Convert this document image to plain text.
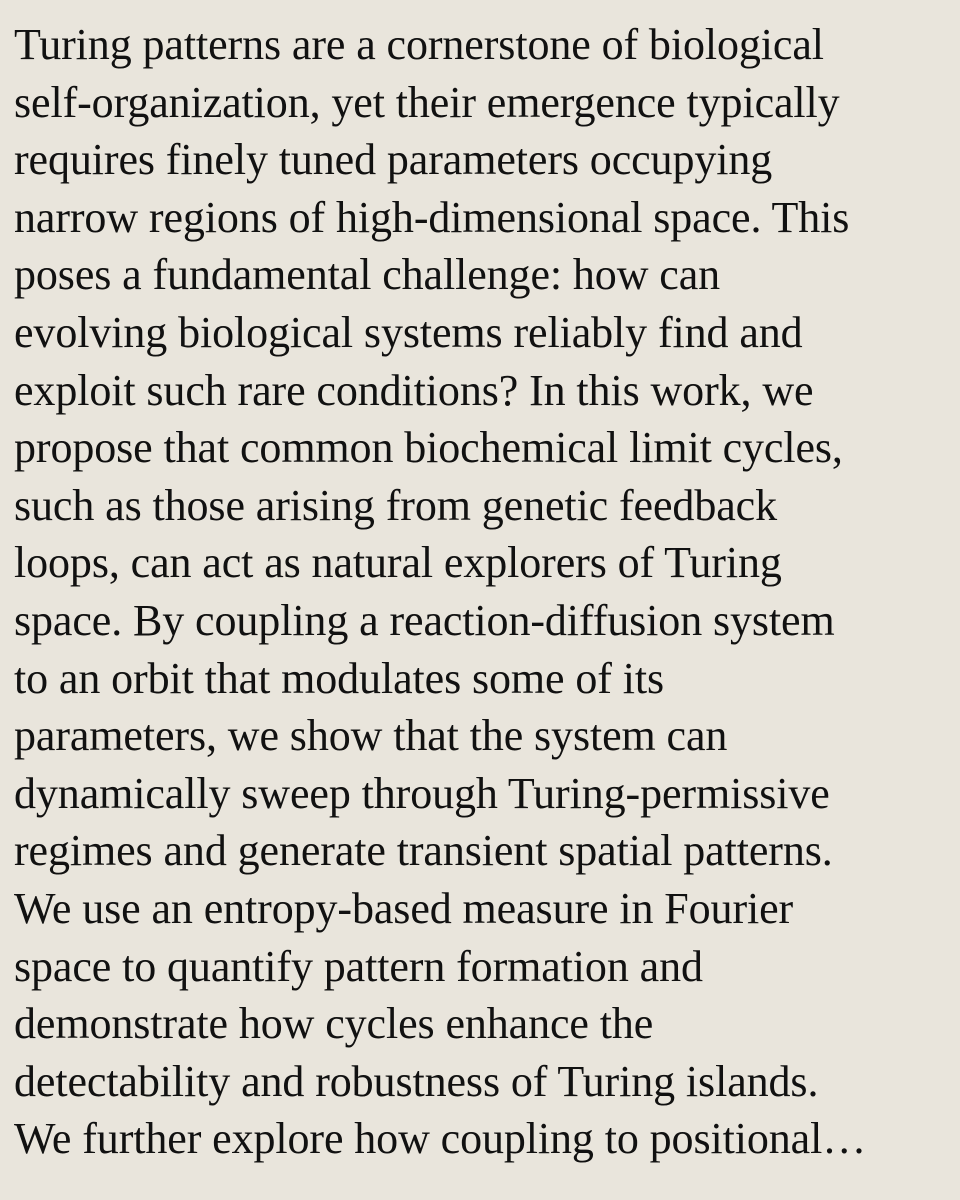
Turing patterns are a cornerstone of biological
self-organization, yet their emergence typically
requires finely tuned parameters occupying
narrow regions of high-dimensional space. This
poses a fundamental challenge: how can
evolving biological systems reliably find and
exploit such rare conditions? In this work, we
propose that common biochemical limit cycles,
such as those arising from genetic feedback
loops, can act as natural explorers of Turing
space. By coupling a reaction-diffusion system
to an orbit that modulates some of its
parameters, we show that the system can
dynamically sweep through Turing-permissive
regimes and generate transient spatial patterns.
We use an entropy-based measure in Fourier
space to quantify pattern formation and
demonstrate how cycles enhance the
detectability and robustness of Turing islands.
We further explore how coupling to positional…
